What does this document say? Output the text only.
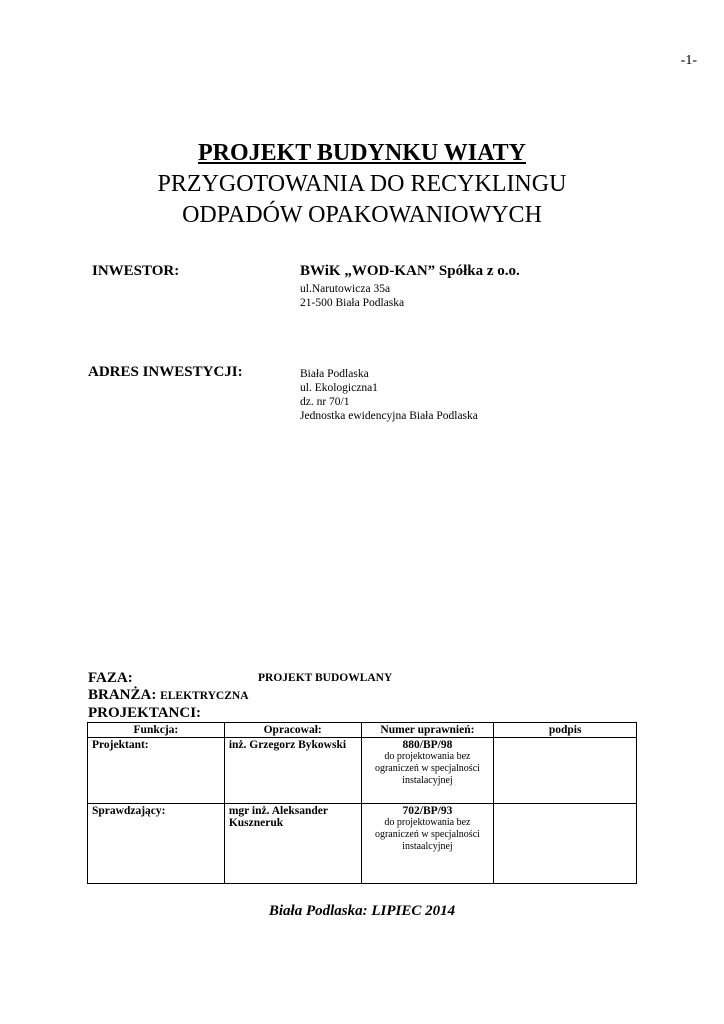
-1-
PROJEKT BUDYNKU WIATY
PRZYGOTOWANIA DO RECYKLINGU
ODPADÓW OPAKOWANIOWYCH
INWESTOR:	BWiK „WOD-KAN” Spółka z o.o.
ul.Narutowicza 35a
21-500 Biała Podlaska
ADRES INWESTYCJI:	Biała Podlaska
ul. Ekologiczna1
dz. nr 70/1
Jednostka ewidencyjna Biała Podlaska
FAZA:	PROJEKT BUDOWLANY
BRANŻA: ELEKTRYCZNA
PROJEKTANCI:
Funkcja:	Opracował:	Numer uprawnień:	podpis
Projektant:	inż. Grzegorz Bykowski	880/BP/98
do projektowania bez ograniczeń w specjalności instalacyjnej	

Sprawdzający:	mgr inż. Aleksander Kuszneruk	702/BP/93
do projektowania bez ograniczeń w specjalności instaalcyjnej	

Biała Podlaska: LIPIEC 2014
